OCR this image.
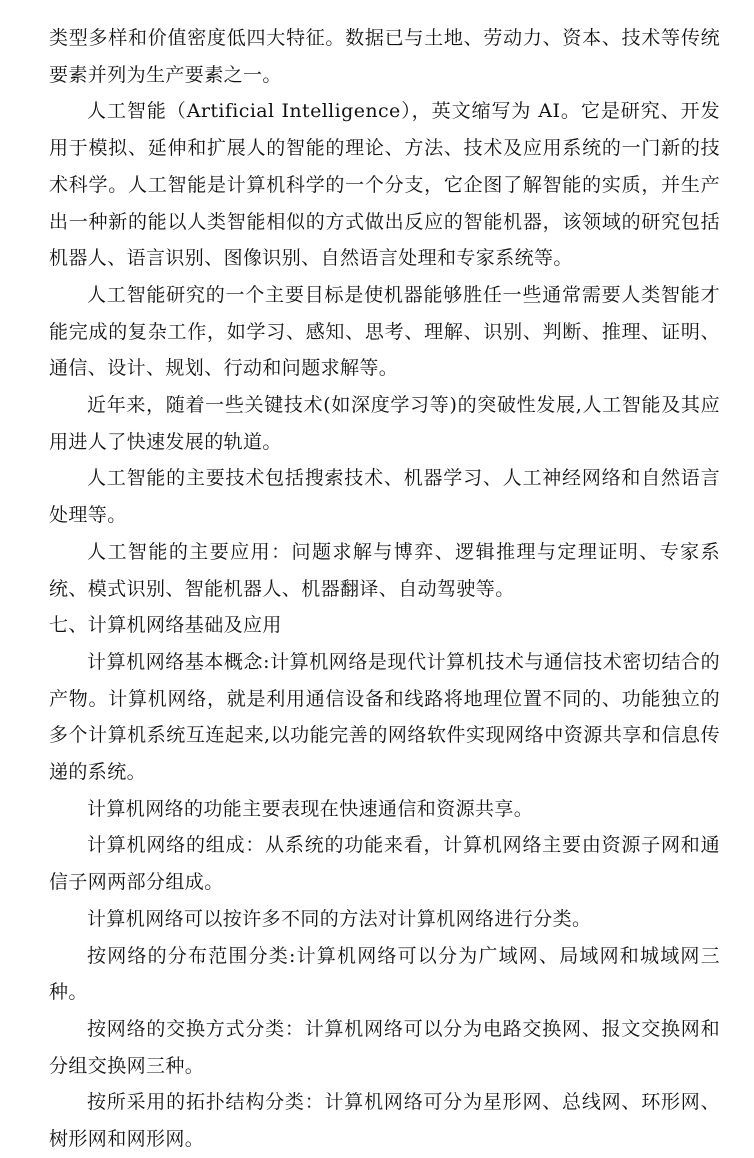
类型多样和价值密度低四大特征。数据已与土地、劳动力、资本、技术等传统要素并列为生产要素之一。

人工智能（Artificial Intelligence），英文缩写为 AI。它是研究、开发用于模拟、延伸和扩展人的智能的理论、方法、技术及应用系统的一门新的技术科学。人工智能是计算机科学的一个分支，它企图了解智能的实质，并生产出一种新的能以人类智能相似的方式做出反应的智能机器，该领域的研究包括机器人、语言识别、图像识别、自然语言处理和专家系统等。

人工智能研究的一个主要目标是使机器能够胜任一些通常需要人类智能才能完成的复杂工作，如学习、感知、思考、理解、识别、判断、推理、证明、通信、设计、规划、行动和问题求解等。

近年来，随着一些关键技术(如深度学习等)的突破性发展,人工智能及其应用进人了快速发展的轨道。

人工智能的主要技术包括搜索技术、机器学习、人工神经网络和自然语言处理等。

人工智能的主要应用：问题求解与博弈、逻辑推理与定理证明、专家系统、模式识别、智能机器人、机器翻译、自动驾驶等。

七、计算机网络基础及应用

计算机网络基本概念:计算机网络是现代计算机技术与通信技术密切结合的产物。计算机网络，就是利用通信设备和线路将地理位置不同的、功能独立的多个计算机系统互连起来,以功能完善的网络软件实现网络中资源共享和信息传递的系统。

计算机网络的功能主要表现在快速通信和资源共享。

计算机网络的组成：从系统的功能来看，计算机网络主要由资源子网和通信子网两部分组成。

计算机网络可以按许多不同的方法对计算机网络进行分类。

按网络的分布范围分类:计算机网络可以分为广域网、局域网和城域网三种。

按网络的交换方式分类：计算机网络可以分为电路交换网、报文交换网和分组交换网三种。

按所采用的拓扑结构分类：计算机网络可分为星形网、总线网、环形网、树形网和网形网。
